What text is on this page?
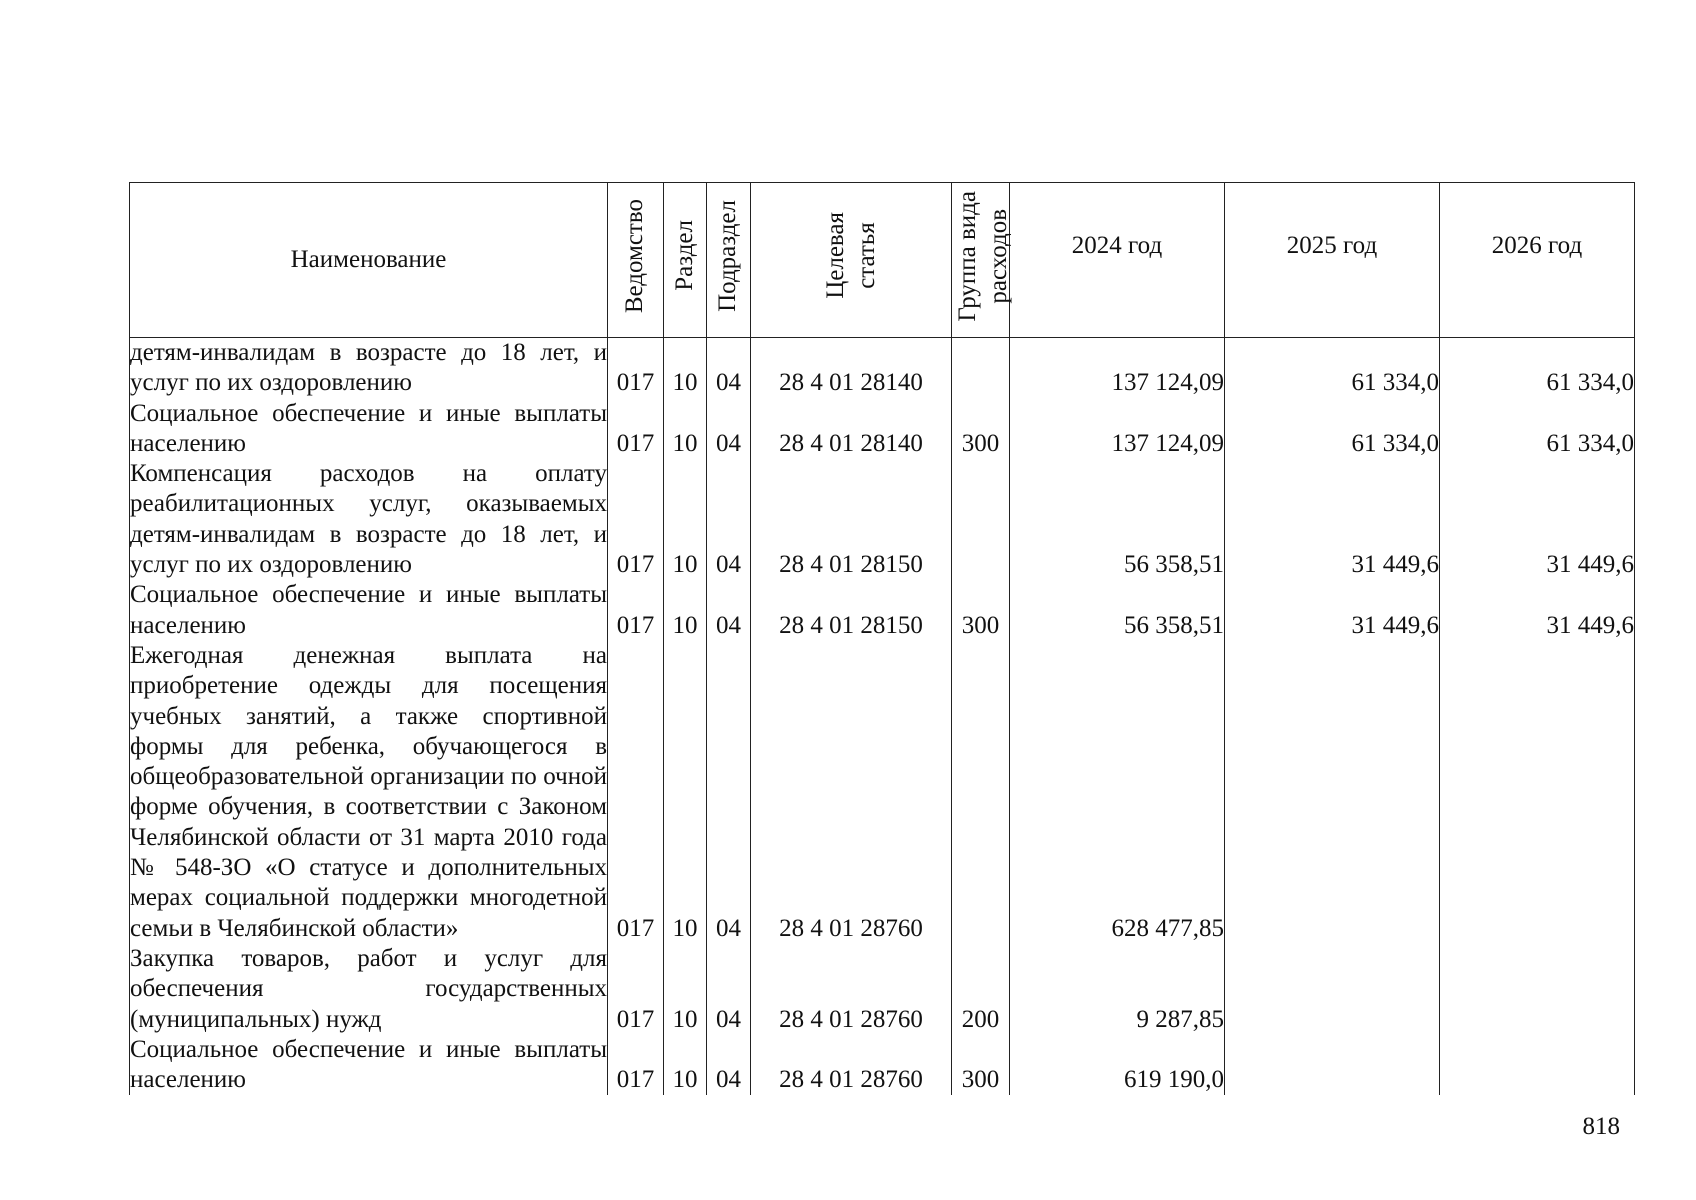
Наименование	Ведомство	Раздел	Подраздел	Целевая статья	Группа вида расходов	2024 год	2025 год	2026 год
детям-инвалидам в возрасте до 18 лет, и услуг по их оздоровлению	017	10	04	28 4 01 28140		137 124,09	61 334,0	61 334,0
Социальное обеспечение и иные выплаты населению	017	10	04	28 4 01 28140	300	137 124,09	61 334,0	61 334,0
Компенсация расходов на оплату реабилитационных услуг, оказываемых детям-инвалидам в возрасте до 18 лет, и услуг по их оздоровлению	017	10	04	28 4 01 28150		56 358,51	31 449,6	31 449,6
Социальное обеспечение и иные выплаты населению	017	10	04	28 4 01 28150	300	56 358,51	31 449,6	31 449,6
Ежегодная денежная выплата на приобретение одежды для посещения учебных занятий, а также спортивной формы для ребенка, обучающегося в общеобразовательной организации по очной форме обучения, в соответствии с Законом Челябинской области от 31 марта 2010 года № 548-ЗО «О статусе и дополнительных мерах социальной поддержки многодетной семьи в Челябинской области»	017	10	04	28 4 01 28760		628 477,85		
Закупка товаров, работ и услуг для обеспечения государственных (муниципальных) нужд	017	10	04	28 4 01 28760	200	9 287,85		
Социальное обеспечение и иные выплаты населению	017	10	04	28 4 01 28760	300	619 190,0		
818
